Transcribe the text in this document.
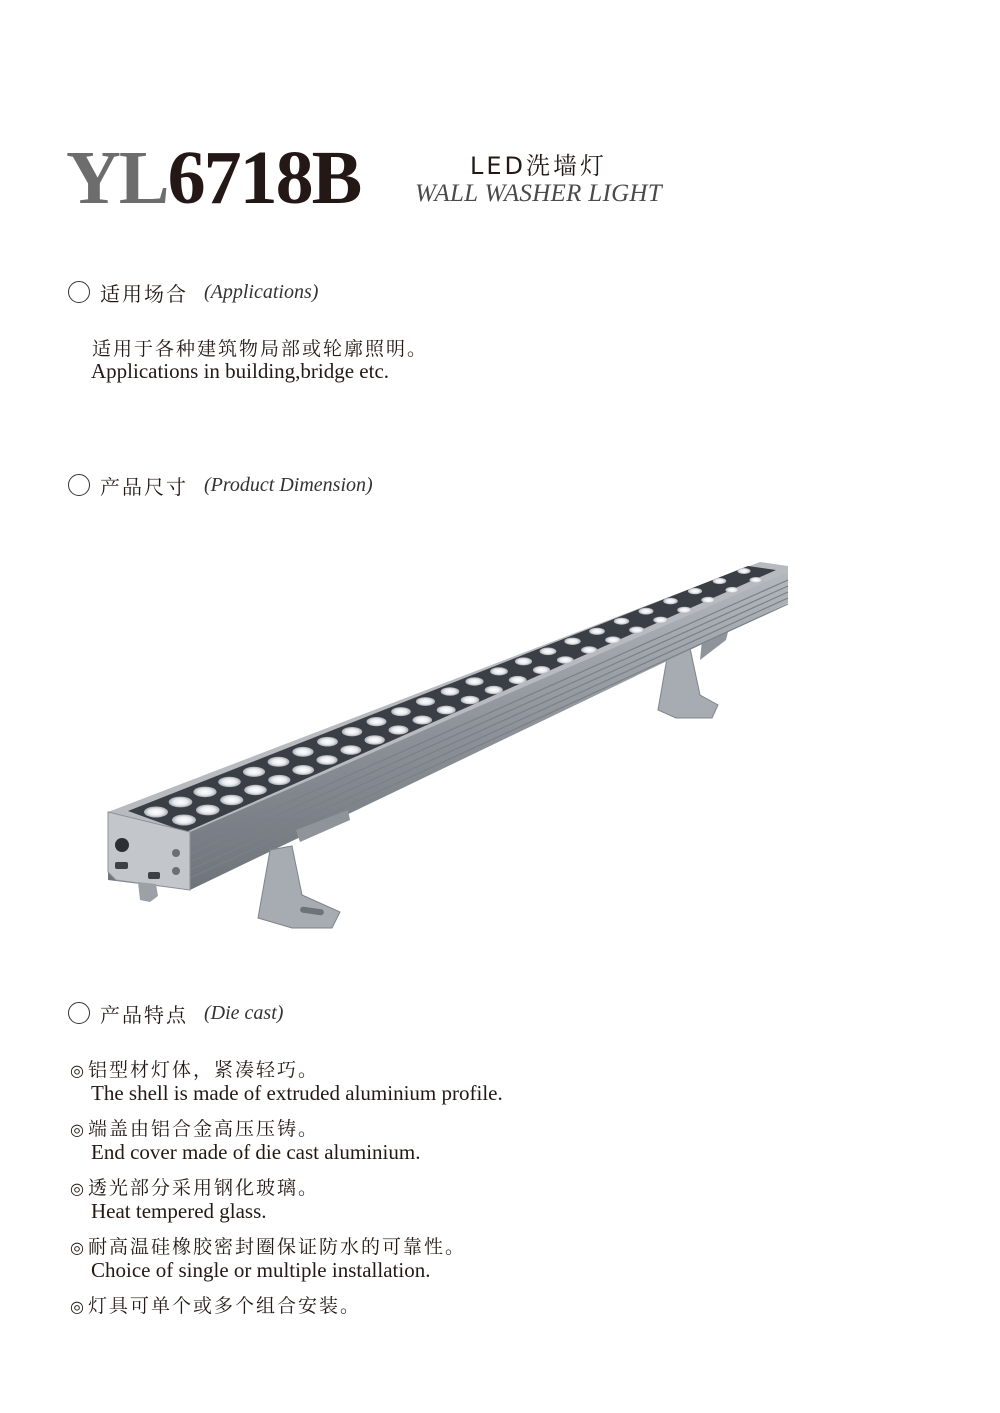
YL6718B	LED洗墙灯
WALL WASHER LIGHT
适用场合 (Applications)
适用于各种建筑物局部或轮廓照明。
Applications in building,bridge etc.
产品尺寸 (Product Dimension)
产品特点 (Die cast)
◎ 铝型材灯体，紧凑轻巧。
The shell is made of extruded aluminium profile.
◎ 端盖由铝合金高压压铸。
End cover made of die cast aluminium.
◎ 透光部分采用钢化玻璃。
Heat tempered glass.
◎ 耐高温硅橡胶密封圈保证防水的可靠性。
Choice of single or multiple installation.
◎ 灯具可单个或多个组合安装。
